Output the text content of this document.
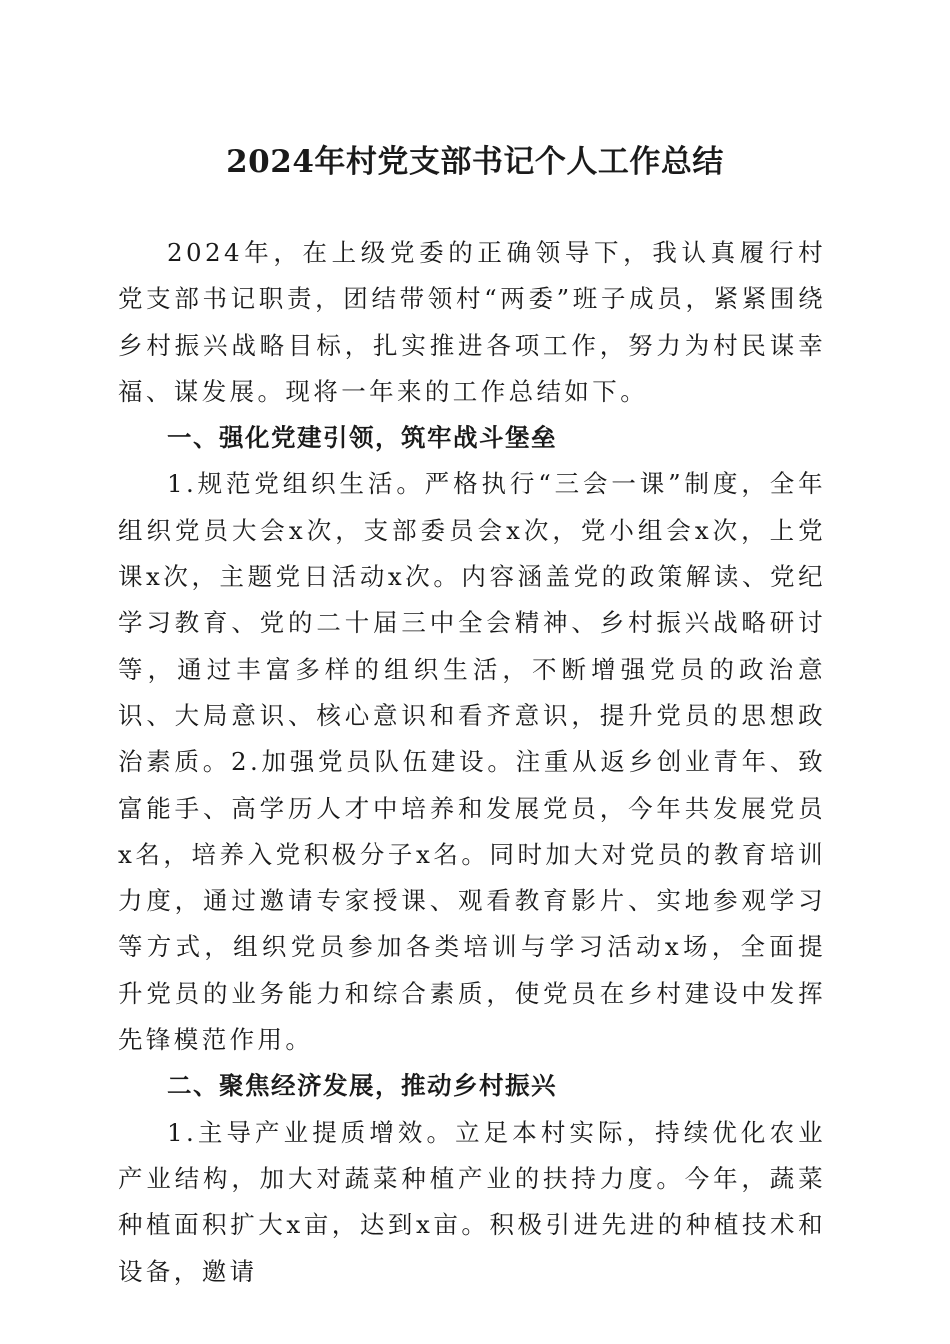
2024年村党支部书记个人工作总结

2024年，在上级党委的正确领导下，我认真履行村党支部书记职责，团结带领村“两委”班子成员，紧紧围绕乡村振兴战略目标，扎实推进各项工作，努力为村民谋幸福、谋发展。现将一年来的工作总结如下。

一、强化党建引领，筑牢战斗堡垒

1.规范党组织生活。严格执行“三会一课”制度，全年组织党员大会x次，支部委员会x次，党小组会x次，上党课x次，主题党日活动x次。内容涵盖党的政策解读、党纪学习教育、党的二十届三中全会精神、乡村振兴战略研讨等，通过丰富多样的组织生活，不断增强党员的政治意识、大局意识、核心意识和看齐意识，提升党员的思想政治素质。2.加强党员队伍建设。注重从返乡创业青年、致富能手、高学历人才中培养和发展党员，今年共发展党员x名，培养入党积极分子x名。同时加大对党员的教育培训力度，通过邀请专家授课、观看教育影片、实地参观学习等方式，组织党员参加各类培训与学习活动x场，全面提升党员的业务能力和综合素质，使党员在乡村建设中发挥先锋模范作用。

二、聚焦经济发展，推动乡村振兴

1.主导产业提质增效。立足本村实际，持续优化农业产业结构，加大对蔬菜种植产业的扶持力度。今年，蔬菜种植面积扩大x亩，达到x亩。积极引进先进的种植技术和设备，邀请
